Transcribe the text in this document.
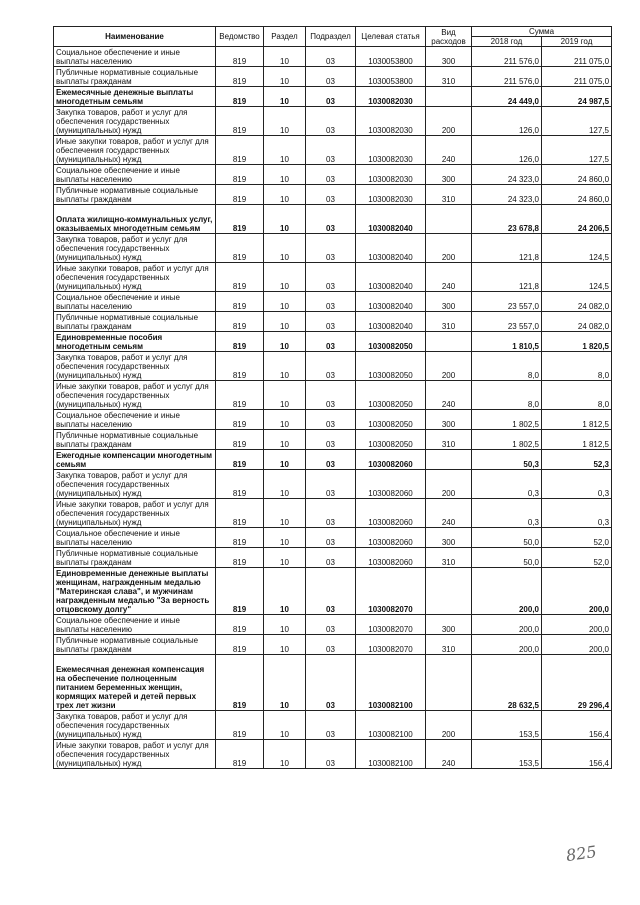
Наименование	Ведомство	Раздел	Подраздел	Целевая статья	Вид расходов	Сумма	
						2018 год	2019 год
Социальное обеспечение и иные выплаты населению	819	10	03	1030053800	300	211 576,0	211 075,0
Публичные нормативные социальные выплаты гражданам	819	10	03	1030053800	310	211 576,0	211 075,0
Ежемесячные денежные выплаты многодетным семьям	819	10	03	1030082030		24 449,0	24 987,5
Закупка товаров, работ и услуг для обеспечения государственных (муниципальных) нужд	819	10	03	1030082030	200	126,0	127,5
Иные закупки товаров, работ и услуг для обеспечения государственных (муниципальных) нужд	819	10	03	1030082030	240	126,0	127,5
Социальное обеспечение и иные выплаты населению	819	10	03	1030082030	300	24 323,0	24 860,0
Публичные нормативные социальные выплаты гражданам	819	10	03	1030082030	310	24 323,0	24 860,0
Оплата жилищно-коммунальных услуг, оказываемых многодетным семьям	819	10	03	1030082040		23 678,8	24 206,5
Закупка товаров, работ и услуг для обеспечения государственных (муниципальных) нужд	819	10	03	1030082040	200	121,8	124,5
Иные закупки товаров, работ и услуг для обеспечения государственных (муниципальных) нужд	819	10	03	1030082040	240	121,8	124,5
Социальное обеспечение и иные выплаты населению	819	10	03	1030082040	300	23 557,0	24 082,0
Публичные нормативные социальные выплаты гражданам	819	10	03	1030082040	310	23 557,0	24 082,0
Единовременные пособия многодетным семьям	819	10	03	1030082050		1 810,5	1 820,5
Закупка товаров, работ и услуг для обеспечения государственных (муниципальных) нужд	819	10	03	1030082050	200	8,0	8,0
Иные закупки товаров, работ и услуг для обеспечения государственных (муниципальных) нужд	819	10	03	1030082050	240	8,0	8,0
Социальное обеспечение и иные выплаты населению	819	10	03	1030082050	300	1 802,5	1 812,5
Публичные нормативные социальные выплаты гражданам	819	10	03	1030082050	310	1 802,5	1 812,5
Ежегодные компенсации многодетным семьям	819	10	03	1030082060		50,3	52,3
Закупка товаров, работ и услуг для обеспечения государственных (муниципальных) нужд	819	10	03	1030082060	200	0,3	0,3
Иные закупки товаров, работ и услуг для обеспечения государственных (муниципальных) нужд	819	10	03	1030082060	240	0,3	0,3
Социальное обеспечение и иные выплаты населению	819	10	03	1030082060	300	50,0	52,0
Публичные нормативные социальные выплаты гражданам	819	10	03	1030082060	310	50,0	52,0
Единовременные денежные выплаты женщинам, награжденным медалью "Материнская слава", и мужчинам награжденным медалью "За верность отцовскому долгу"	819	10	03	1030082070		200,0	200,0
Социальное обеспечение и иные выплаты населению	819	10	03	1030082070	300	200,0	200,0
Публичные нормативные социальные выплаты гражданам	819	10	03	1030082070	310	200,0	200,0
Ежемесячная денежная компенсация на обеспечение полноценным питанием беременных женщин, кормящих матерей и детей первых трех лет жизни	819	10	03	1030082100		28 632,5	29 296,4
Закупка товаров, работ и услуг для обеспечения государственных (муниципальных) нужд	819	10	03	1030082100	200	153,5	156,4
Иные закупки товаров, работ и услуг для обеспечения государственных (муниципальных) нужд	819	10	03	1030082100	240	153,5	156,4
825
